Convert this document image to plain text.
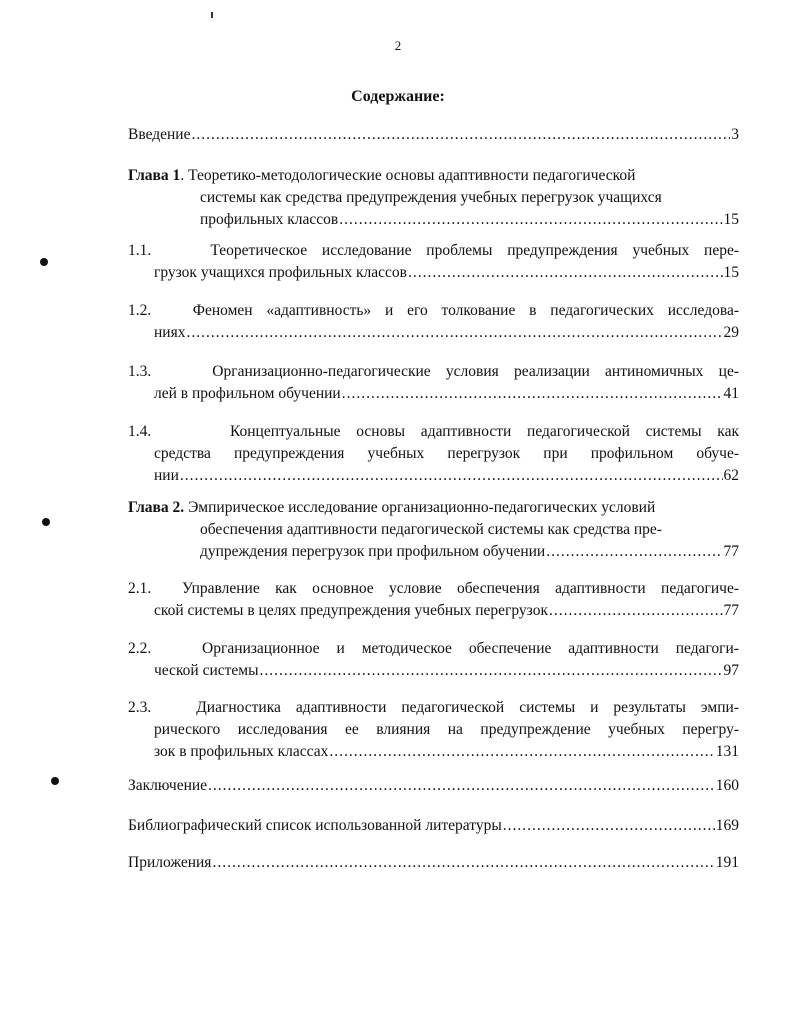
2
Содержание:
Введение .....	3
Глава 1. Теоретико-методологические основы адаптивности педагогической
системы как средства предупреждения учебных перегрузок учащихся
профильных классов .....	15
1.1.	Теоретическое исследование проблемы предупреждения учебных пере-
грузок учащихся профильных классов .....	15
1.2.	Феномен «адаптивность» и его толкование в педагогических исследова-
ниях .....	29
1.3.	Организационно-педагогические условия реализации антиномичных це-
лей в профильном обучении .....	41
1.4.	Концептуальные основы адаптивности педагогической системы как
средства предупреждения учебных перегрузок при профильном обуче-
нии .....	62
Глава 2. Эмпирическое исследование организационно-педагогических условий
обеспечения адаптивности педагогической системы как средства пре-
дупреждения перегрузок при профильном обучении .....	77
2.1. Управление как основное условие обеспечения адаптивности педагогиче-
ской системы в целях предупреждения учебных перегрузок .....	77
2.2.	Организационное и методическое обеспечение адаптивности педагоги-
ческой системы .....	97
2.3.	Диагностика адаптивности педагогической системы и результаты эмпи-
рического исследования ее влияния на предупреждение учебных перегру-
зок в профильных классах .....	131
Заключение .....	160
Библиографический список использованной литературы .....	169
Приложения .....	191
